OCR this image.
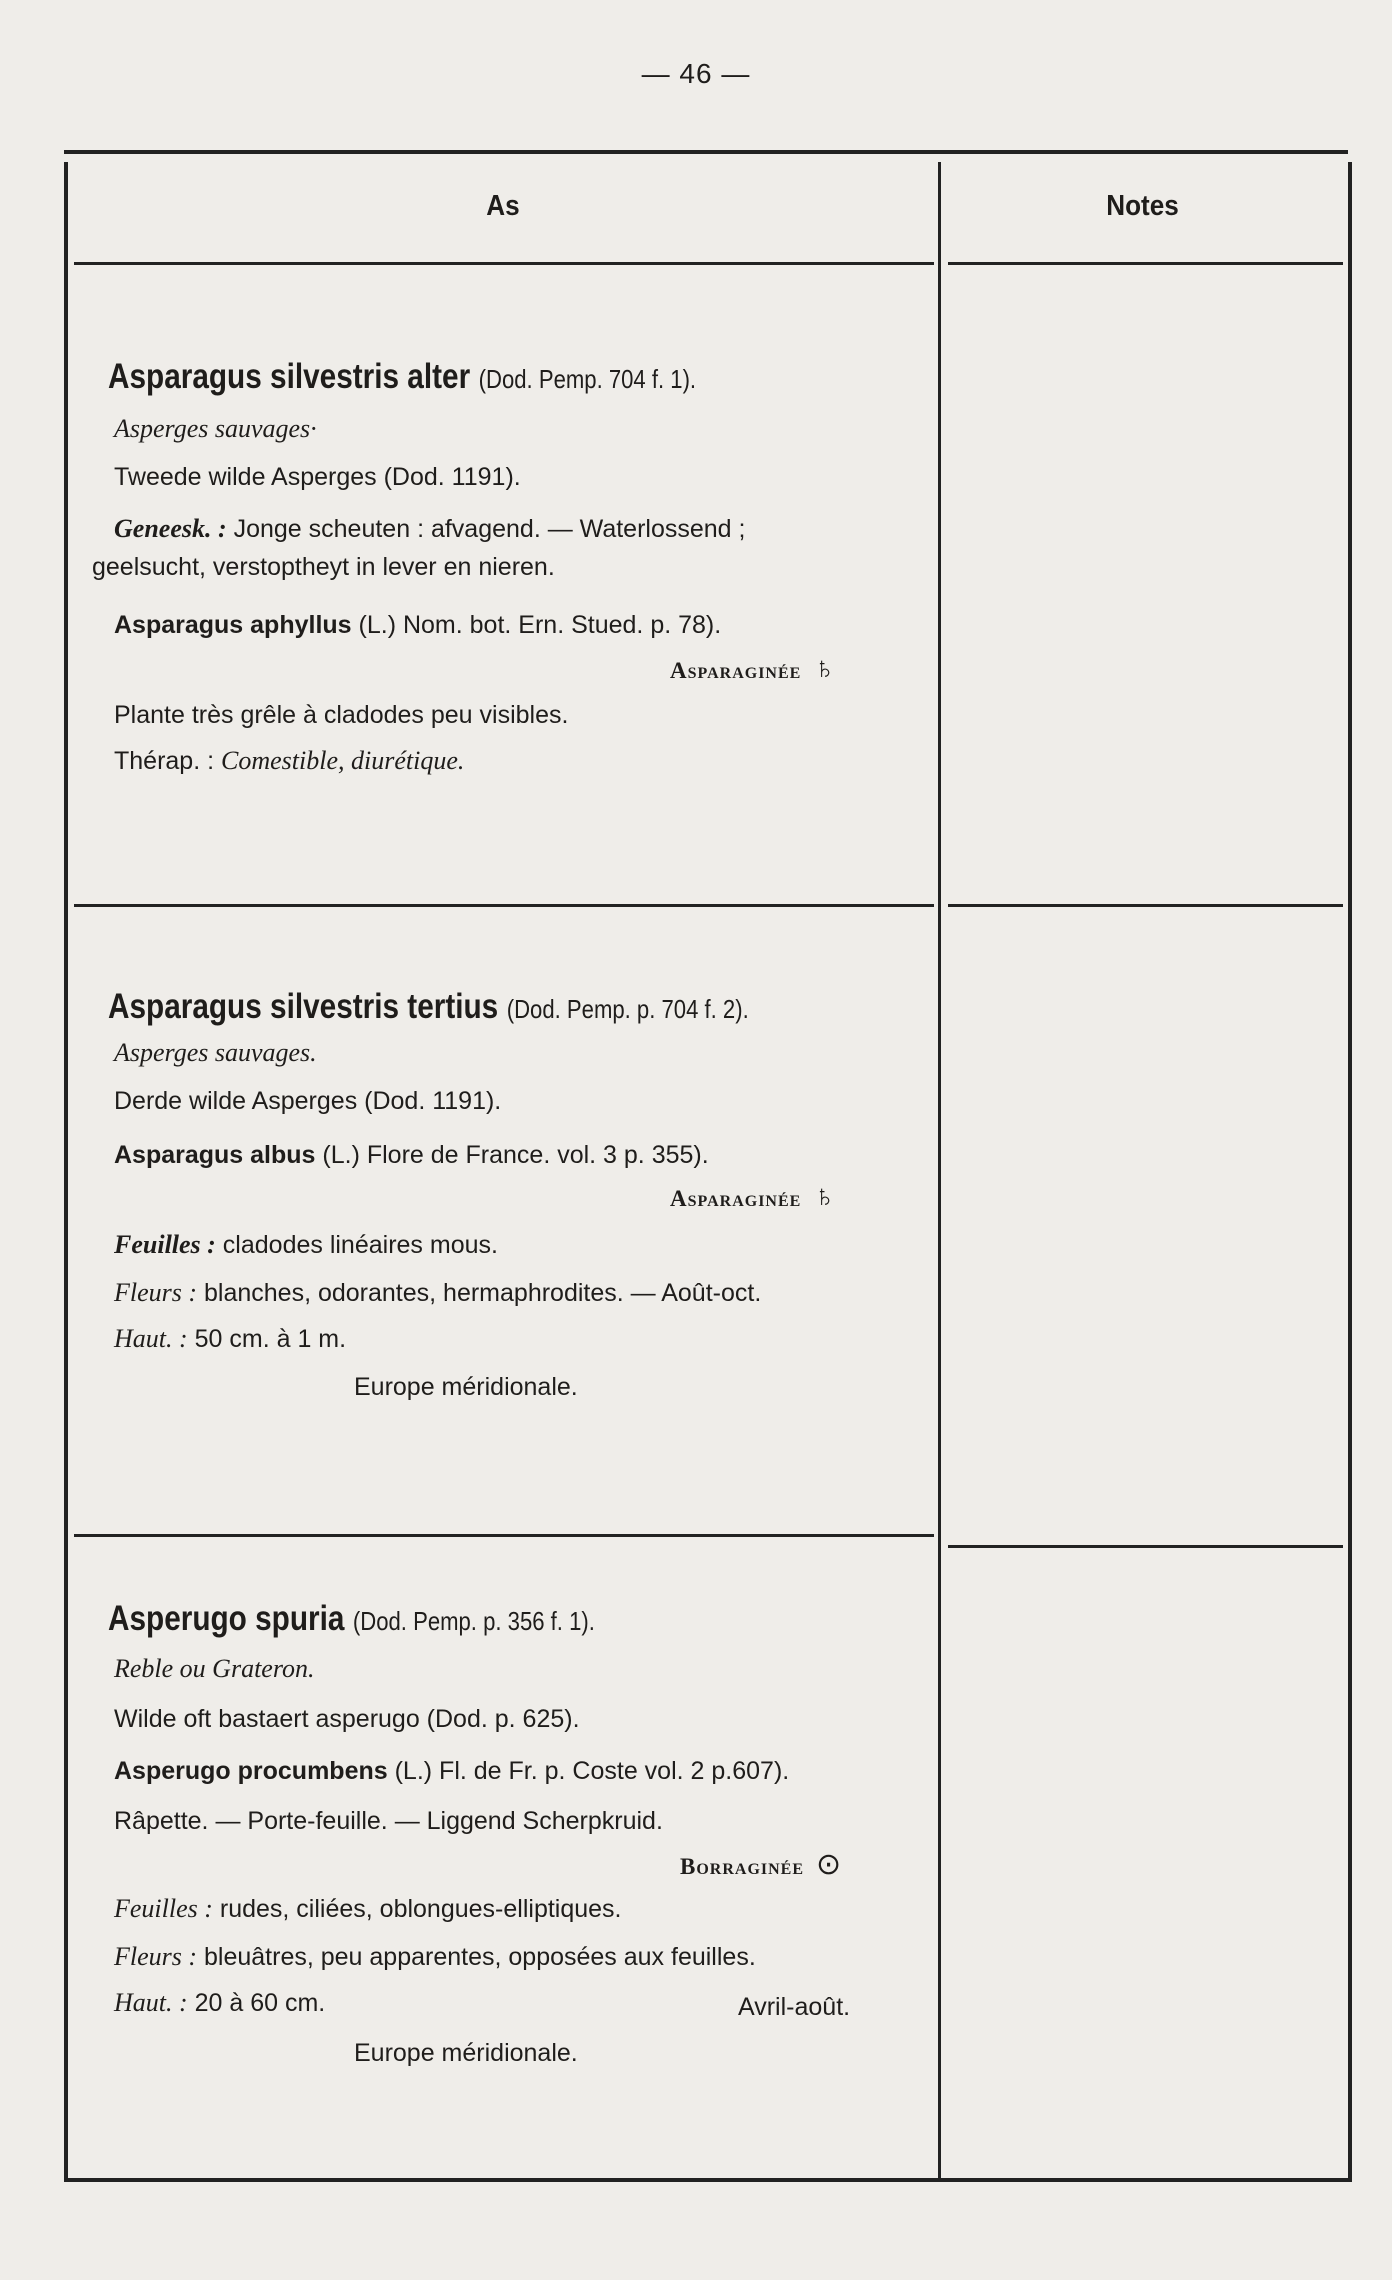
— 46 —
As	Notes
Asparagus silvestris alter (Dod. Pemp. 704 f. 1).
Asperges sauvages·
Tweede wilde Asperges (Dod. 1191).
Geneesk. : Jonge scheuten : afvagend. — Waterlossend ;
geelsucht, verstoptheyt in lever en nieren.
Asparagus aphyllus (L.) Nom. bot. Ern. Stued. p. 78).
Asparaginée ♄
Plante très grêle à cladodes peu visibles.
Thérap. : Comestible, diurétique.
Asparagus silvestris tertius (Dod. Pemp. p. 704 f. 2).
Asperges sauvages.
Derde wilde Asperges (Dod. 1191).
Asparagus albus (L.) Flore de France. vol. 3 p. 355).
Asparaginée ♄
Feuilles : cladodes linéaires mous.
Fleurs : blanches, odorantes, hermaphrodites. — Août-oct.
Haut. : 50 cm. à 1 m.
Europe méridionale.
Asperugo spuria (Dod. Pemp. p. 356 f. 1).
Reble ou Grateron.
Wilde oft bastaert asperugo (Dod. p. 625).
Asperugo procumbens (L.) Fl. de Fr. p. Coste vol. 2 p.607).
Râpette. — Porte-feuille. — Liggend Scherpkruid.
Borraginée ⊙
Feuilles : rudes, ciliées, oblongues-elliptiques.
Fleurs : bleuâtres, peu apparentes, opposées aux feuilles.
Haut. : 20 à 60 cm.	Avril-août.
Europe méridionale.
